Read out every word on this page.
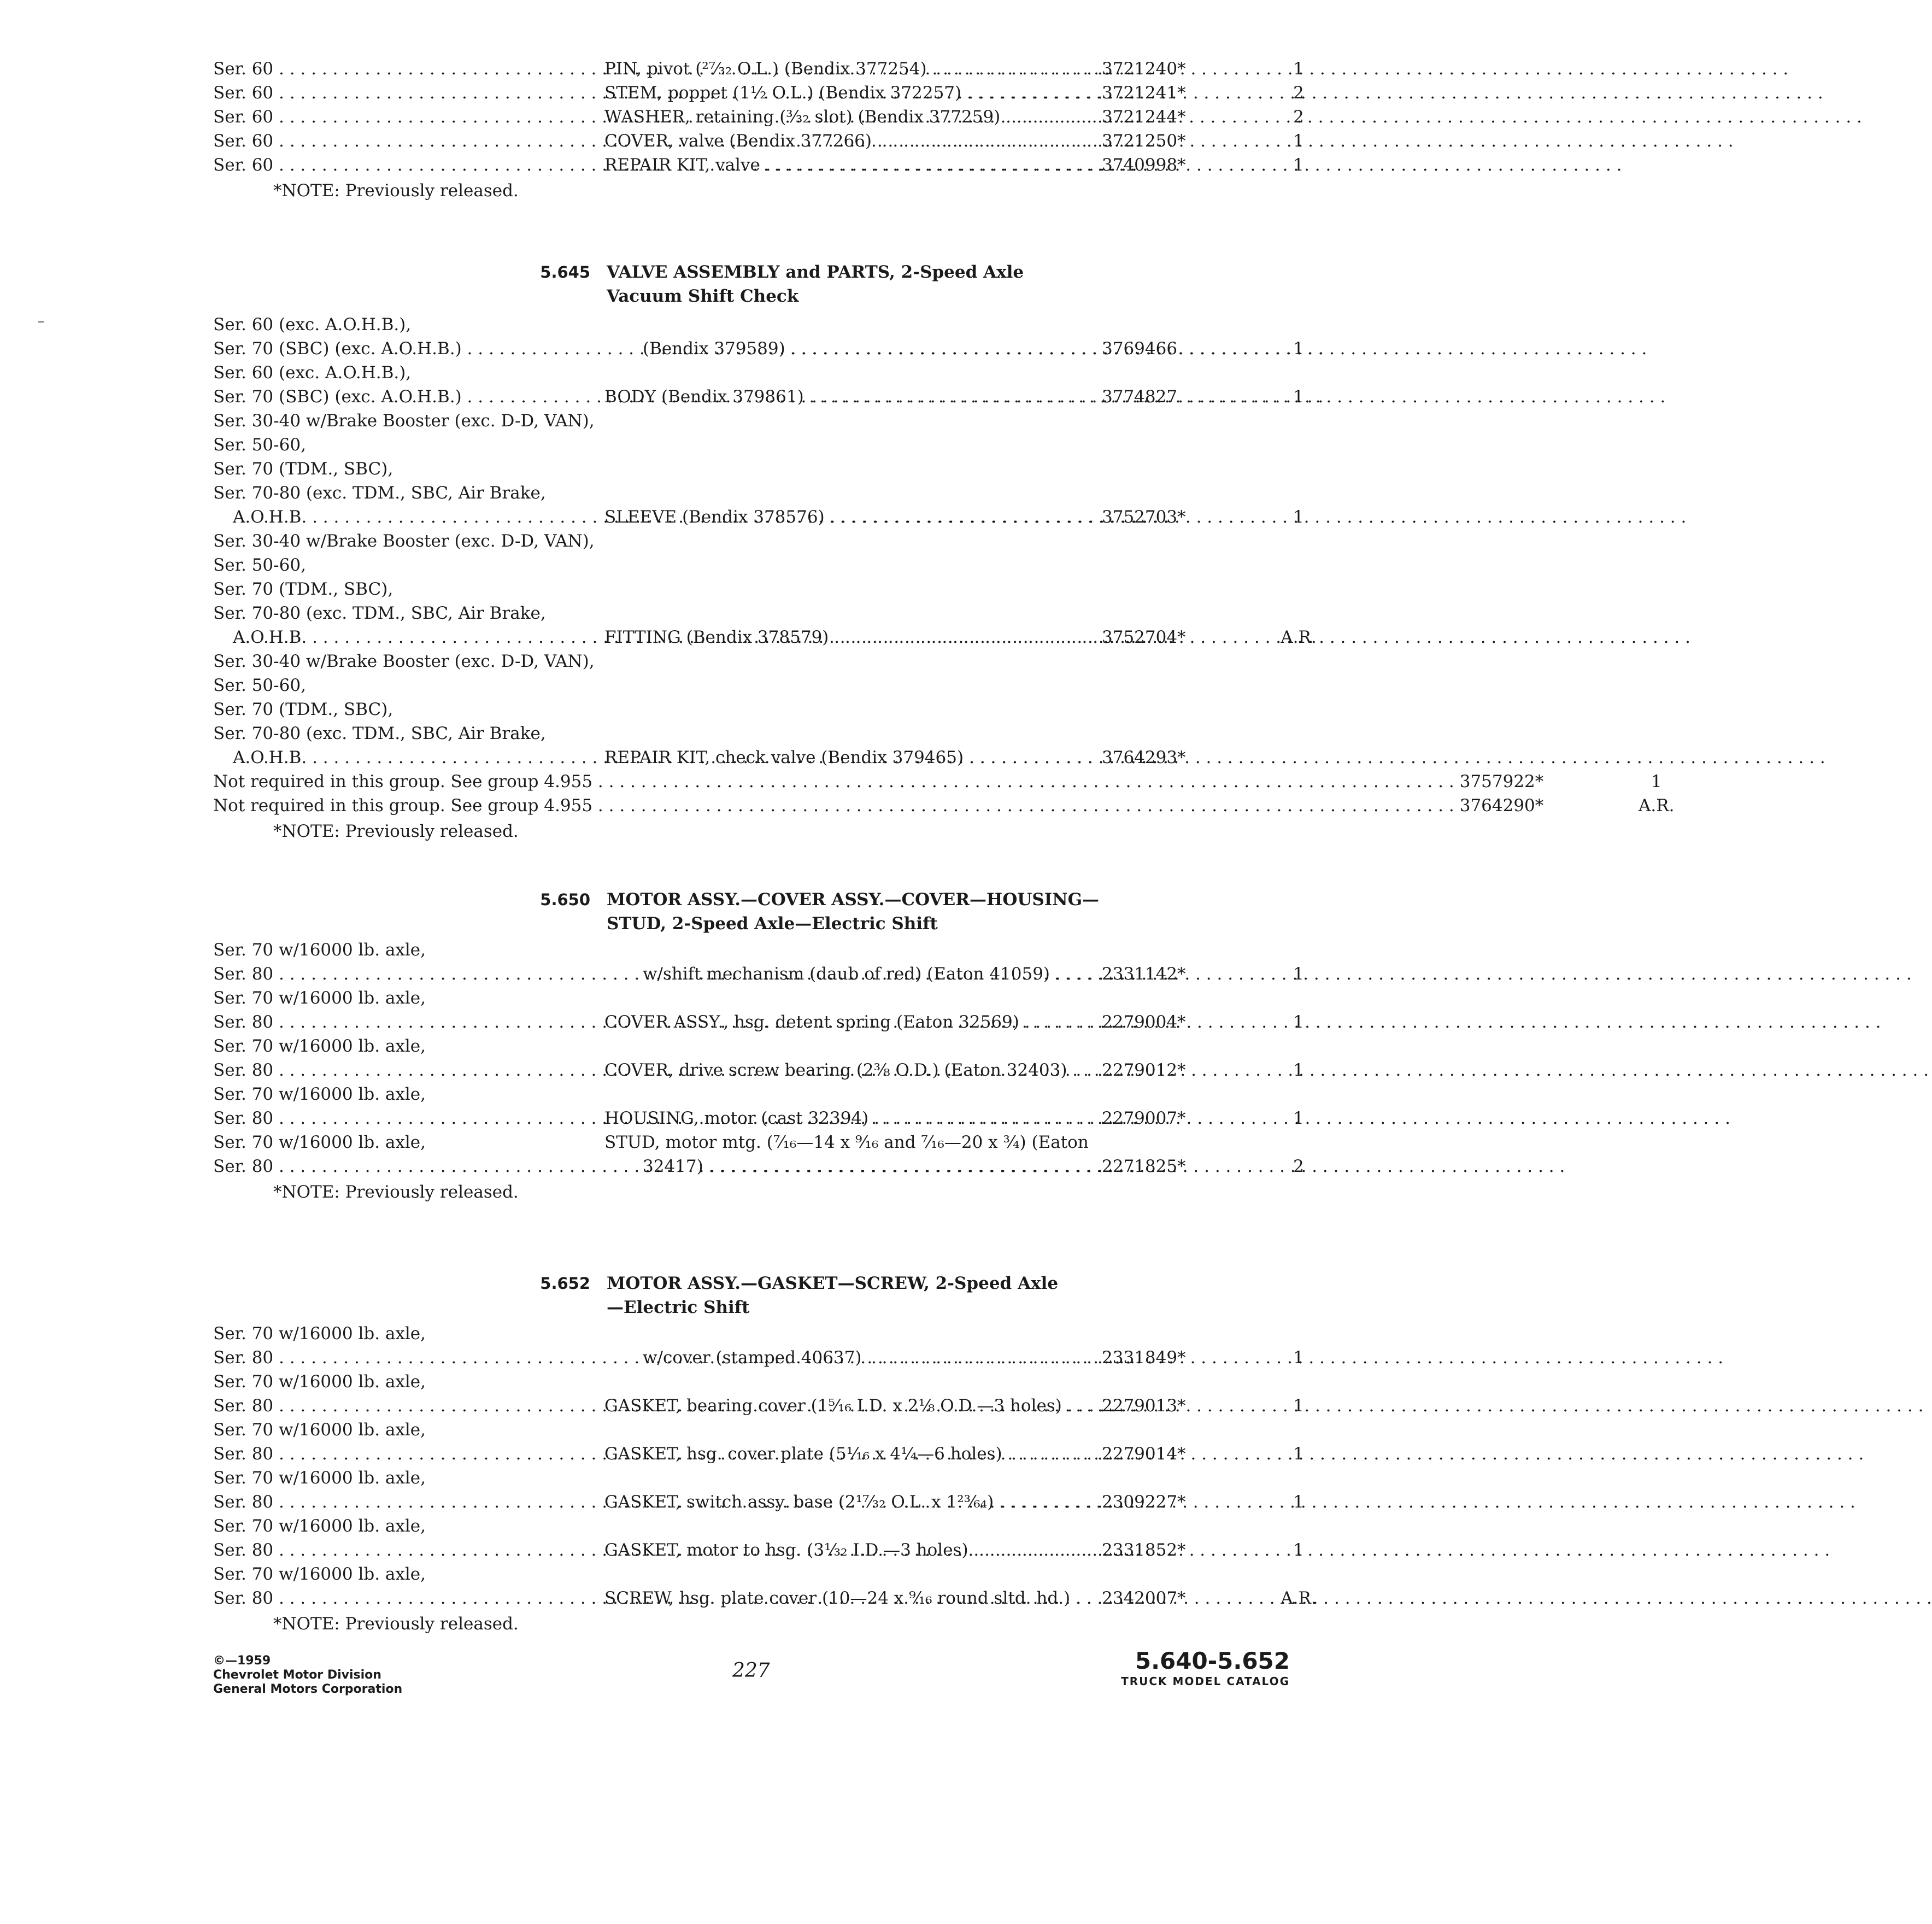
Ser. 60 . . .	PIN, pivot (²⁷⁄₃₂ O.L.) (Bendix 377254) . . .	3721240*	1
Ser. 60 . . .	STEM, poppet (1½ O.L.) (Bendix 372257) . . .	3721241*	2
Ser. 60 . . .	WASHER, retaining (³⁄₃₂ slot) (Bendix 377259) . . .	3721244*	2
Ser. 60 . . .	COVER, valve (Bendix 377266) . . .	3721250*	1
Ser. 60 . . .	REPAIR KIT, valve . . .	3740998*	1
*NOTE: Previously released.
5.645 VALVE ASSEMBLY and PARTS, 2-Speed Axle
Vacuum Shift Check
Ser. 60 (exc. A.O.H.B.),
Ser. 70 (SBC) (exc. A.O.H.B.) . . .	(Bendix 379589) . . .	3769466	1
Ser. 60 (exc. A.O.H.B.),
Ser. 70 (SBC) (exc. A.O.H.B.) . . .	BODY (Bendix 379861) . . .	3774827	1
Ser. 30-40 w/Brake Booster (exc. D-D, VAN),
Ser. 50-60,
Ser. 70 (TDM., SBC),
Ser. 70-80 (exc. TDM., SBC, Air Brake,
A.O.H.B. . . .	SLEEVE (Bendix 378576) . . .	3752703*	1
Ser. 30-40 w/Brake Booster (exc. D-D, VAN),
Ser. 50-60,
Ser. 70 (TDM., SBC),
Ser. 70-80 (exc. TDM., SBC, Air Brake,
A.O.H.B. . . .	FITTING (Bendix 378579) . . .	3752704*	A.R.
Ser. 30-40 w/Brake Booster (exc. D-D, VAN),
Ser. 50-60,
Ser. 70 (TDM., SBC),
Ser. 70-80 (exc. TDM., SBC, Air Brake,
A.O.H.B. . . .	REPAIR KIT, check valve (Bendix 379465) . . .	3764293*
Not required in this group. See group 4.955 . . .	3757922*	1
Not required in this group. See group 4.955 . . .	3764290*	A.R.
*NOTE: Previously released.
5.650 MOTOR ASSY.—COVER ASSY.—COVER—HOUSING—
STUD, 2-Speed Axle—Electric Shift
Ser. 70 w/16000 lb. axle,
Ser. 80 . . .	w/shift mechanism (daub of red) (Eaton 41059) . . .	2331142*	1
Ser. 70 w/16000 lb. axle,
Ser. 80 . . .	COVER ASSY., hsg. detent spring (Eaton 32569) . . .	2279004*	1
Ser. 70 w/16000 lb. axle,
Ser. 80 . . .	COVER, drive screw bearing (2⅜ O.D.) (Eaton 32403) . . .	2279012*	1
Ser. 70 w/16000 lb. axle,
Ser. 80 . . .	HOUSING, motor (cast 32394) . . .	2279007*	1
Ser. 70 w/16000 lb. axle,
Ser. 80 . . .
STUD, motor mtg. (⁷⁄₁₆—14 x ⁹⁄₁₆ and ⁷⁄₁₆—20 x ¾) (Eaton
32417) . . .	2271825*	2
*NOTE: Previously released.
5.652 MOTOR ASSY.—GASKET—SCREW, 2-Speed Axle
—Electric Shift
Ser. 70 w/16000 lb. axle,
Ser. 80 . . .	w/cover (stamped 40637) . . .	2331849*	1
Ser. 70 w/16000 lb. axle,
Ser. 80 . . .	GASKET, bearing cover (1⁵⁄₁₆ I.D. x 2⅛ O.D.—3 holes) . . .	2279013*	1
Ser. 70 w/16000 lb. axle,
Ser. 80 . . .	GASKET, hsg. cover plate (5¹⁄₁₆ x 4¼—6 holes) . . .	2279014*	1
Ser. 70 w/16000 lb. axle,
Ser. 80 . . .	GASKET, switch assy. base (2¹⁷⁄₃₂ O.L. x 1²³⁄₆₄) . . .	2309227*	1
Ser. 70 w/16000 lb. axle,
Ser. 80 . . .	GASKET, motor to hsg. (3¹⁄₃₂ I.D.—3 holes) . . .	2331852*	1
Ser. 70 w/16000 lb. axle,
Ser. 80 . . .	SCREW, hsg. plate cover (10—24 x ⁹⁄₁₆ round sltd. hd.) . . .	2342007*	A.R.
*NOTE: Previously released.
©—1959
Chevrolet Motor Division
General Motors Corporation
227	5.640-5.652
TRUCK MODEL CATALOG
